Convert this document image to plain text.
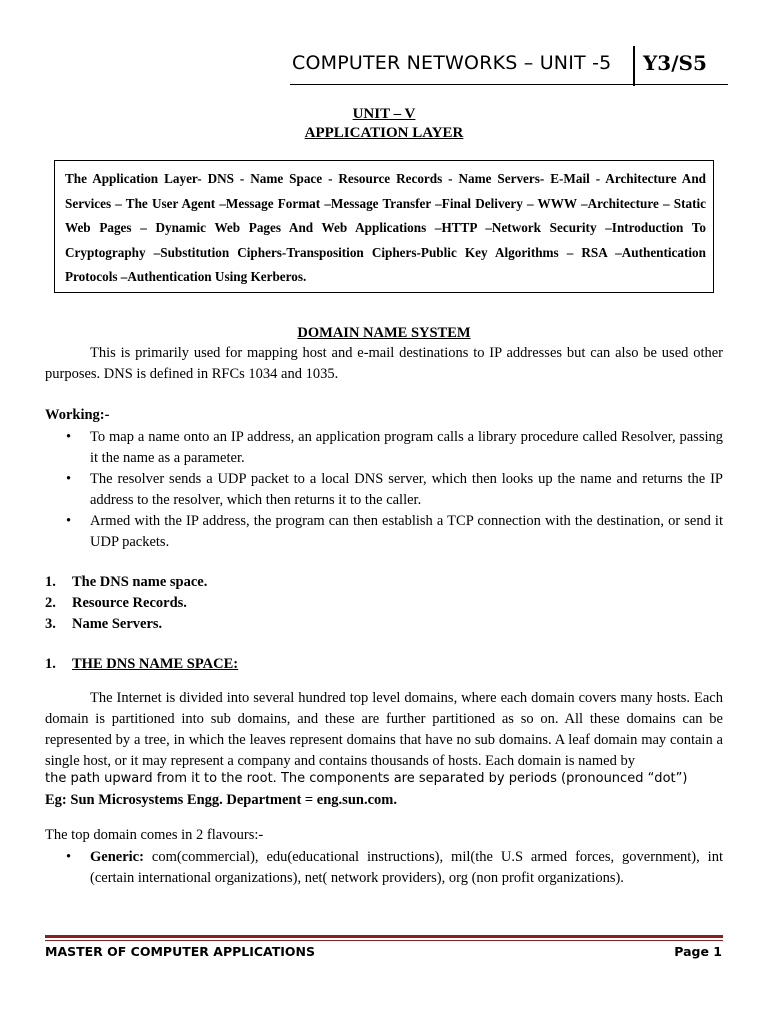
COMPUTER NETWORKS – UNIT -5 Y3/S5
UNIT – V
APPLICATION LAYER

The Application Layer- DNS - Name Space - Resource Records - Name Servers- E-Mail - Architecture And Services – The User Agent –Message Format –Message Transfer –Final Delivery – WWW –Architecture – Static Web Pages – Dynamic Web Pages And Web Applications –HTTP –Network Security –Introduction To Cryptography –Substitution Ciphers-Transposition Ciphers-Public Key Algorithms – RSA –Authentication Protocols –Authentication Using Kerberos.

DOMAIN NAME SYSTEM

This is primarily used for mapping host and e-mail destinations to IP addresses but can also be used other purposes. DNS is defined in RFCs 1034 and 1035.

Working:-
• To map a name onto an IP address, an application program calls a library procedure called Resolver, passing it the name as a parameter.
• The resolver sends a UDP packet to a local DNS server, which then looks up the name and returns the IP address to the resolver, which then returns it to the caller.
• Armed with the IP address, the program can then establish a TCP connection with the destination, or send it UDP packets.
1. The DNS name space.
2. Resource Records.
3. Name Servers.
1. THE DNS NAME SPACE:

The Internet is divided into several hundred top level domains, where each domain covers many hosts. Each domain is partitioned into sub domains, and these are further partitioned as so on. All these domains can be represented by a tree, in which the leaves represent domains that have no sub domains. A leaf domain may contain a single host, or it may represent a company and contains thousands of hosts. Each domain is named by

the path upward from it to the root. The components are separated by periods (pronounced “dot”)
Eg: Sun Microsystems Engg. Department = eng.sun.com.
The top domain comes in 2 flavours:-
• Generic: com(commercial), edu(educational instructions), mil(the U.S armed forces, government), int (certain international organizations), net( network providers), org (non profit organizations).
MASTER OF COMPUTER APPLICATIONS	Page 1
